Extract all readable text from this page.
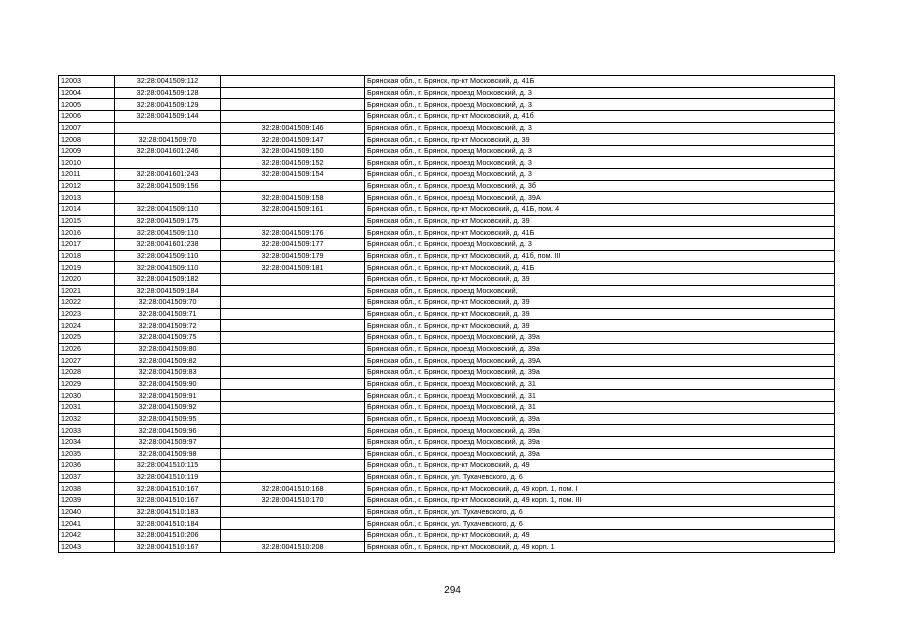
12003	32:28:0041509:112		Брянская обл., г. Брянск, пр-кт Московский, д. 41Б
12004	32:28:0041509:128		Брянская обл., г. Брянск, проезд Московский, д. 3
12005	32:28:0041509:129		Брянская обл., г. Брянск, проезд Московский, д. 3
12006	32:28:0041509:144		Брянская обл., г. Брянск, пр-кт Московский, д. 41б
12007		32:28:0041509:146	Брянская обл., г. Брянск, проезд Московский, д. 3
12008	32:28:0041509:70	32:28:0041509:147	Брянская обл., г. Брянск, пр-кт Московский, д. 39
12009	32:28:0041601:246	32:28:0041509:150	Брянская обл., г. Брянск, проезд Московский, д. 3
12010		32:28:0041509:152	Брянская обл., г. Брянск, проезд Московский, д. 3
12011	32:28:0041601:243	32:28:0041509:154	Брянская обл., г. Брянск, проезд Московский, д. 3
12012	32:28:0041509:156		Брянская обл., г. Брянск, проезд Московский, д. 3б
12013		32:28:0041509:158	Брянская обл., г. Брянск, проезд Московский, д. 39А
12014	32:28:0041509:110	32:28:0041509:161	Брянская обл., г. Брянск, пр-кт Московский, д. 41Б, пом. 4
12015	32:28:0041509:175		Брянская обл., г. Брянск, пр-кт Московский, д. 39
12016	32:28:0041509:110	32:28:0041509:176	Брянская обл., г. Брянск, пр-кт Московский, д. 41Б
12017	32:28:0041601:238	32:28:0041509:177	Брянская обл., г. Брянск, проезд Московский, д. 3
12018	32:28:0041509:110	32:28:0041509:179	Брянская обл., г. Брянск, пр-кт Московский, д. 41б, пом. III
12019	32:28:0041509:110	32:28:0041509:181	Брянская обл., г. Брянск, пр-кт Московский, д. 41Б
12020	32:28:0041509:182		Брянская обл., г. Брянск, пр-кт Московский, д. 39
12021	32:28:0041509:184		Брянская обл., г. Брянск, проезд Московский,
12022	32:28:0041509:70		Брянская обл., г. Брянск, пр-кт Московский, д. 39
12023	32:28:0041509:71		Брянская обл., г. Брянск, пр-кт Московский, д. 39
12024	32:28:0041509:72		Брянская обл., г. Брянск, пр-кт Московский, д. 39
12025	32:28:0041509:75		Брянская обл., г. Брянск, проезд Московский, д. 39а
12026	32:28:0041509:80		Брянская обл., г. Брянск, проезд Московский, д. 39а
12027	32:28:0041509:82		Брянская обл., г. Брянск, проезд Московский, д. 39А
12028	32:28:0041509:83		Брянская обл., г. Брянск, проезд Московский, д. 39а
12029	32:28:0041509:90		Брянская обл., г. Брянск, проезд Московский, д. 31
12030	32:28:0041509:91		Брянская обл., г. Брянск, проезд Московский, д. 31
12031	32:28:0041509:92		Брянская обл., г. Брянск, проезд Московский, д. 31
12032	32:28:0041509:95		Брянская обл., г. Брянск, проезд Московский, д. 39а
12033	32:28:0041509:96		Брянская обл., г. Брянск, проезд Московский, д. 39а
12034	32:28:0041509:97		Брянская обл., г. Брянск, проезд Московский, д. 39а
12035	32:28:0041509:98		Брянская обл., г. Брянск, проезд Московский, д. 39а
12036	32:28:0041510:115		Брянская обл., г. Брянск, пр-кт Московский, д. 49
12037	32:28:0041510:119		Брянская обл., г. Брянск, ул. Тухачевского, д. 6
12038	32:28:0041510:167	32:28:0041510:168	Брянская обл., г. Брянск, пр-кт Московский, д. 49 корп. 1, пом. I
12039	32:28:0041510:167	32:28:0041510:170	Брянская обл., г. Брянск, пр-кт Московский, д. 49 корп. 1, пом. III
12040	32:28:0041510:183		Брянская обл., г. Брянск, ул. Тухачевского, д. 6
12041	32:28:0041510:184		Брянская обл., г. Брянск, ул. Тухачевского, д. 6
12042	32:28:0041510:206		Брянская обл., г. Брянск, пр-кт Московский, д. 49
12043	32:28:0041510:167	32:28:0041510:208	Брянская обл., г. Брянск, пр-кт Московский, д. 49 корп. 1
294
